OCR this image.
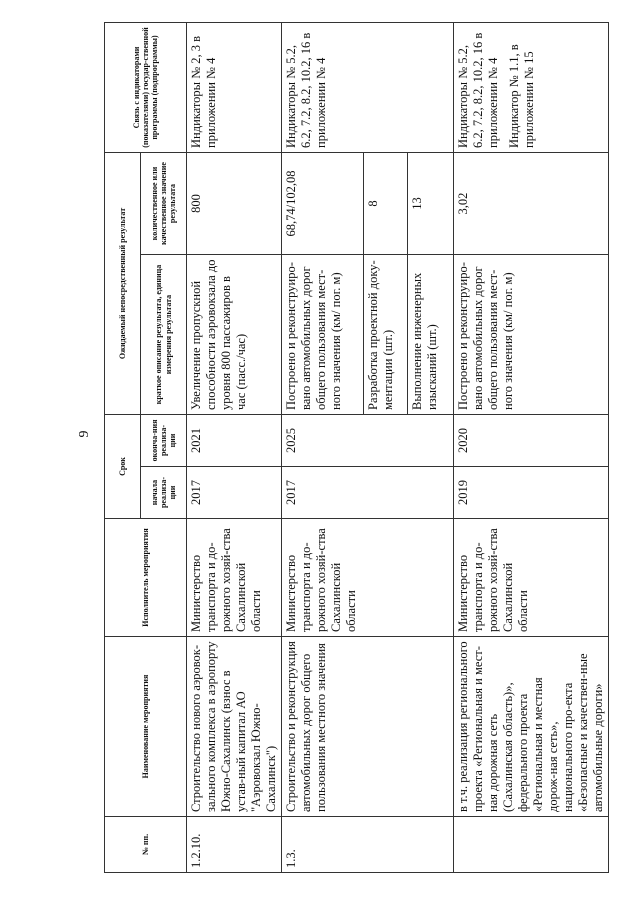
9
№ пп.	Наименование мероприятия	Исполнитель мероприятия	Срок		Ожидаемый непосредственный результат		Связь с индикаторами (показателями) государ-ственной программы (подпрограммы)
			начала реализа-ции	оконча-ния реализа-ции	краткое описание результата, единица измерения результата	количественное или качественное значение результата	
1.2.10.	Строительство нового аэровок-зального комплекса в аэропорту Южно-Сахалинск (взнос в устав-ный капитал АО "Аэровокзал Южно-Сахалинск")	Министерство транспорта и до-рожного хозяй-ства Сахалинской области	2017	2021	Увеличение пропускной способности аэровокзала до уровня 800 пассажиров в час (пасс./час)	800	Индикаторы № 2, 3 в приложении № 4

1.3.	Строительство и реконструкция автомобильных дорог общего пользования местного значения	Министерство транспорта и до-рожного хозяй-ства Сахалинской области	2017	2025	Построено и реконструиро-вано автомобильных дорог общего пользования мест-ного значения (км/ пог. м)	68,74/102,08	Индикаторы № 5.2, 6.2, 7.2, 8.2, 10.2, 16 в приложении № 4

					Разработка проектной доку-ментации (шт.)	8	
					Выполнение инженерных изысканий (шт.)	13	
	в т.ч. реализация регионального проекта «Региональная и мест-ная дорожная сеть (Сахалинская область)», федерального проекта «Региональная и местная дорож-ная сеть», национального про-екта «Безопасные и качествен-ные автомобильные дороги»	Министерство транспорта и до-рожного хозяй-ства Сахалинской области	2019	2020	Построено и реконструиро-вано автомобильных дорог общего пользования мест-ного значения (км/ пог. м)	3,02	Индикаторы № 5.2, 6.2, 7.2, 8.2, 10.2, 16 в приложении № 4 Индикатор № 1.1, в приложении № 15
